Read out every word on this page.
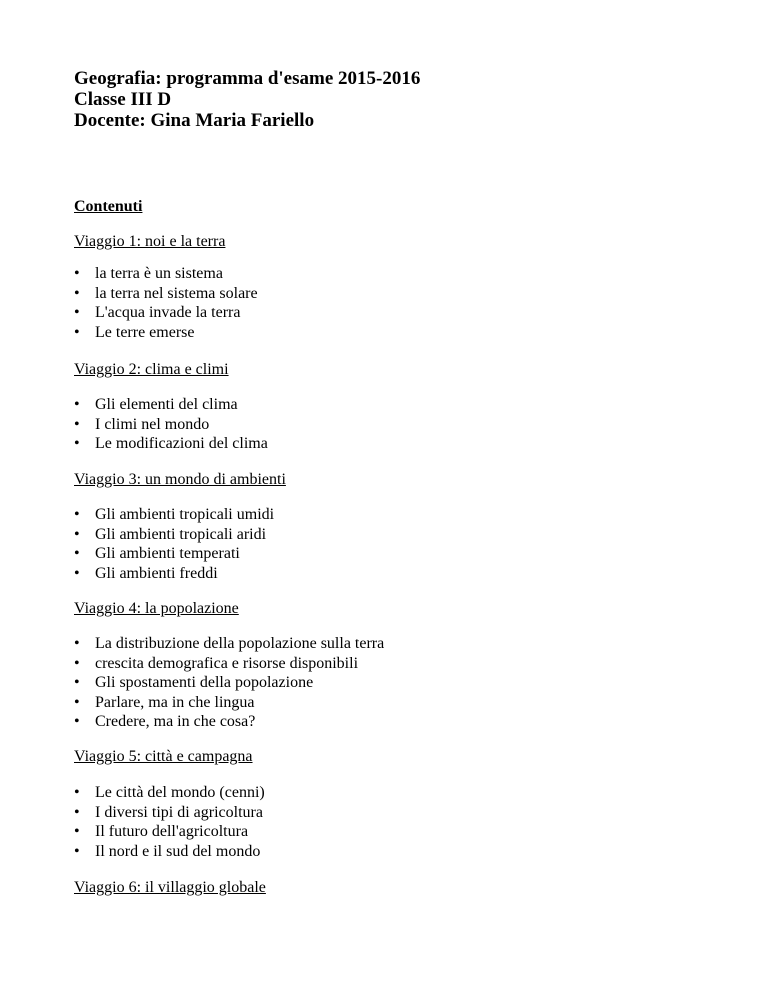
Geografia: programma d'esame 2015-2016
Classe III D
Docente: Gina Maria Fariello
Contenuti
Viaggio 1: noi e la terra
• la terra è un sistema
• la terra nel sistema solare
• L'acqua invade la terra
• Le terre emerse
Viaggio 2: clima e climi
• Gli elementi del clima
• I climi nel mondo
• Le modificazioni del clima
Viaggio 3: un mondo di ambienti
• Gli ambienti tropicali umidi
• Gli ambienti tropicali aridi
• Gli ambienti temperati
• Gli ambienti freddi
Viaggio 4: la popolazione
• La distribuzione della popolazione sulla terra
• crescita demografica e risorse disponibili
• Gli spostamenti della popolazione
• Parlare, ma in che lingua
• Credere, ma in che cosa?
Viaggio 5: città e campagna
• Le città del mondo (cenni)
• I diversi tipi di agricoltura
• Il futuro dell'agricoltura
• Il nord e il sud del mondo
Viaggio 6: il villaggio globale
